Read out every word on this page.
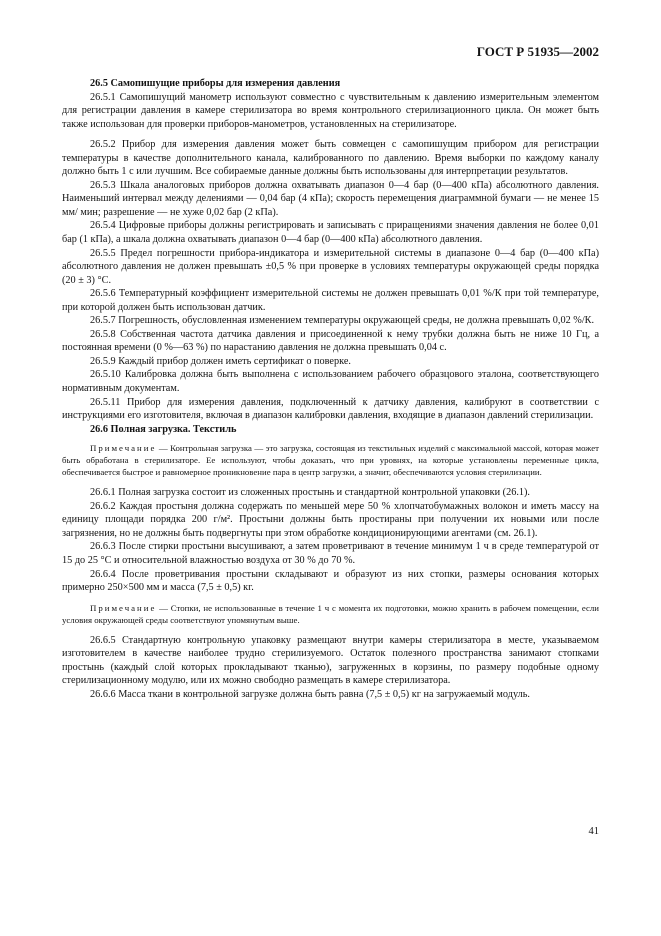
ГОСТ Р 51935—2002

26.5 Самопишущие приборы для измерения давления

26.5.1 Самопишущий манометр используют совместно с чувствительным к давлению измерительным элементом для регистрации давления в камере стерилизатора во время контрольного стерилизационного цикла. Он может быть также использован для проверки приборов-манометров, установленных на стерилизаторе.

26.5.2 Прибор для измерения давления может быть совмещен с самопишущим прибором для регистрации температуры в качестве дополнительного канала, калиброванного по давлению. Время выборки по каждому каналу должно быть 1 с или лучшим. Все собираемые данные должны быть использованы для интерпретации результатов.

26.5.3 Шкала аналоговых приборов должна охватывать диапазон 0—4 бар (0—400 кПа) абсолютного давления. Наименьший интервал между делениями — 0,04 бар (4 кПа); скорость перемещения диаграммной бумаги — не менее 15 мм/ мин; разрешение — не хуже 0,02 бар (2 кПа).

26.5.4 Цифровые приборы должны регистрировать и записывать с приращениями значения давления не более 0,01 бар (1 кПа), а шкала должна охватывать диапазон 0—4 бар (0—400 кПа) абсолютного давления.

26.5.5 Предел погрешности прибора-индикатора и измерительной системы в диапазоне 0—4 бар (0—400 кПа) абсолютного давления не должен превышать ±0,5 % при проверке в условиях температуры окружающей среды порядка (20 ± 3) °С.

26.5.6 Температурный коэффициент измерительной системы не должен превышать 0,01 %/К при той температуре, при которой должен быть использован датчик.

26.5.7 Погрешность, обусловленная изменением температуры окружающей среды, не должна превышать 0,02 %/К.

26.5.8 Собственная частота датчика давления и присоединенной к нему трубки должна быть не ниже 10 Гц, а постоянная времени (0 %—63 %) по нарастанию давления не должна превышать 0,04 с.

26.5.9 Каждый прибор должен иметь сертификат о поверке.

26.5.10 Калибровка должна быть выполнена с использованием рабочего образцового эталона, соответствующего нормативным документам.

26.5.11 Прибор для измерения давления, подключенный к датчику давления, калибруют в соответствии с инструкциями его изготовителя, включая в диапазон калибровки давления, входящие в диапазон давлений стерилизации.

26.6 Полная загрузка. Текстиль

Примечание — Контрольная загрузка — это загрузка, состоящая из текстильных изделий с максимальной массой, которая может быть обработана в стерилизаторе. Ее используют, чтобы доказать, что при уровнях, на которые установлены переменные цикла, обеспечивается быстрое и равномерное проникновение пара в центр загрузки, а значит, обеспечиваются условия стерилизации.

26.6.1 Полная загрузка состоит из сложенных простынь и стандартной контрольной упаковки (26.1).

26.6.2 Каждая простыня должна содержать по меньшей мере 50 % хлопчатобумажных волокон и иметь массу на единицу площади порядка 200 г/м². Простыни должны быть простираны при получении их новыми или после загрязнения, но не должны быть подвергнуты при этом обработке кондиционирующими агентами (см. 26.1).

26.6.3 После стирки простыни высушивают, а затем проветривают в течение минимум 1 ч в среде температурой от 15 до 25 °С и относительной влажностью воздуха от 30 % до 70 %.

26.6.4 После проветривания простыни складывают и образуют из них стопки, размеры основания которых примерно 250×500 мм и масса (7,5 ± 0,5) кг.

Примечание — Стопки, не использованные в течение 1 ч с момента их подготовки, можно хранить в рабочем помещении, если условия окружающей среды соответствуют упомянутым выше.

26.6.5 Стандартную контрольную упаковку размещают внутри камеры стерилизатора в месте, указываемом изготовителем в качестве наиболее трудно стерилизуемого. Остаток полезного пространства занимают стопками простынь (каждый слой которых прокладывают тканью), загруженных в корзины, по размеру подобные одному стерилизационному модулю, или их можно свободно размещать в камере стерилизатора.

26.6.6 Масса ткани в контрольной загрузке должна быть равна (7,5 ± 0,5) кг на загружаемый модуль.

41
